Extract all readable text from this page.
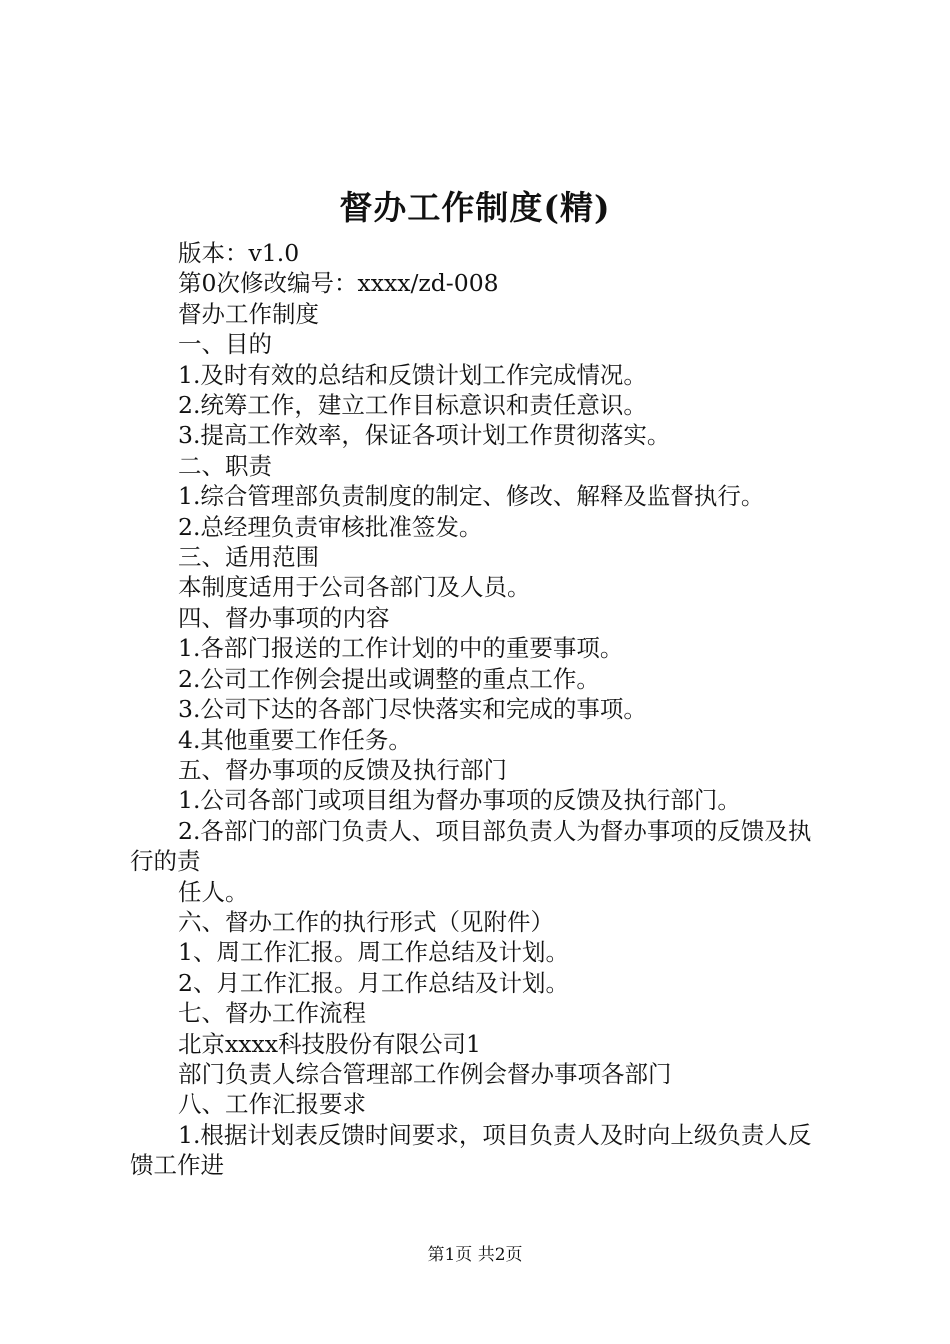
督办工作制度(精)
版本：v1.0
第0次修改编号：xxxx/zd-008
督办工作制度
一、目的
1.及时有效的总结和反馈计划工作完成情况。
2.统筹工作，建立工作目标意识和责任意识。
3.提高工作效率，保证各项计划工作贯彻落实。
二、职责
1.综合管理部负责制度的制定、修改、解释及监督执行。
2.总经理负责审核批准签发。
三、适用范围
本制度适用于公司各部门及人员。
四、督办事项的内容
1.各部门报送的工作计划的中的重要事项。
2.公司工作例会提出或调整的重点工作。
3.公司下达的各部门尽快落实和完成的事项。
4.其他重要工作任务。
五、督办事项的反馈及执行部门
1.公司各部门或项目组为督办事项的反馈及执行部门。
2.各部门的部门负责人、项目部负责人为督办事项的反馈及执行的责
任人。
六、督办工作的执行形式（见附件）
1、周工作汇报。周工作总结及计划。
2、月工作汇报。月工作总结及计划。
七、督办工作流程
北京xxxx科技股份有限公司1
部门负责人综合管理部工作例会督办事项各部门
八、工作汇报要求
1.根据计划表反馈时间要求，项目负责人及时向上级负责人反馈工作进
第1页 共2页
